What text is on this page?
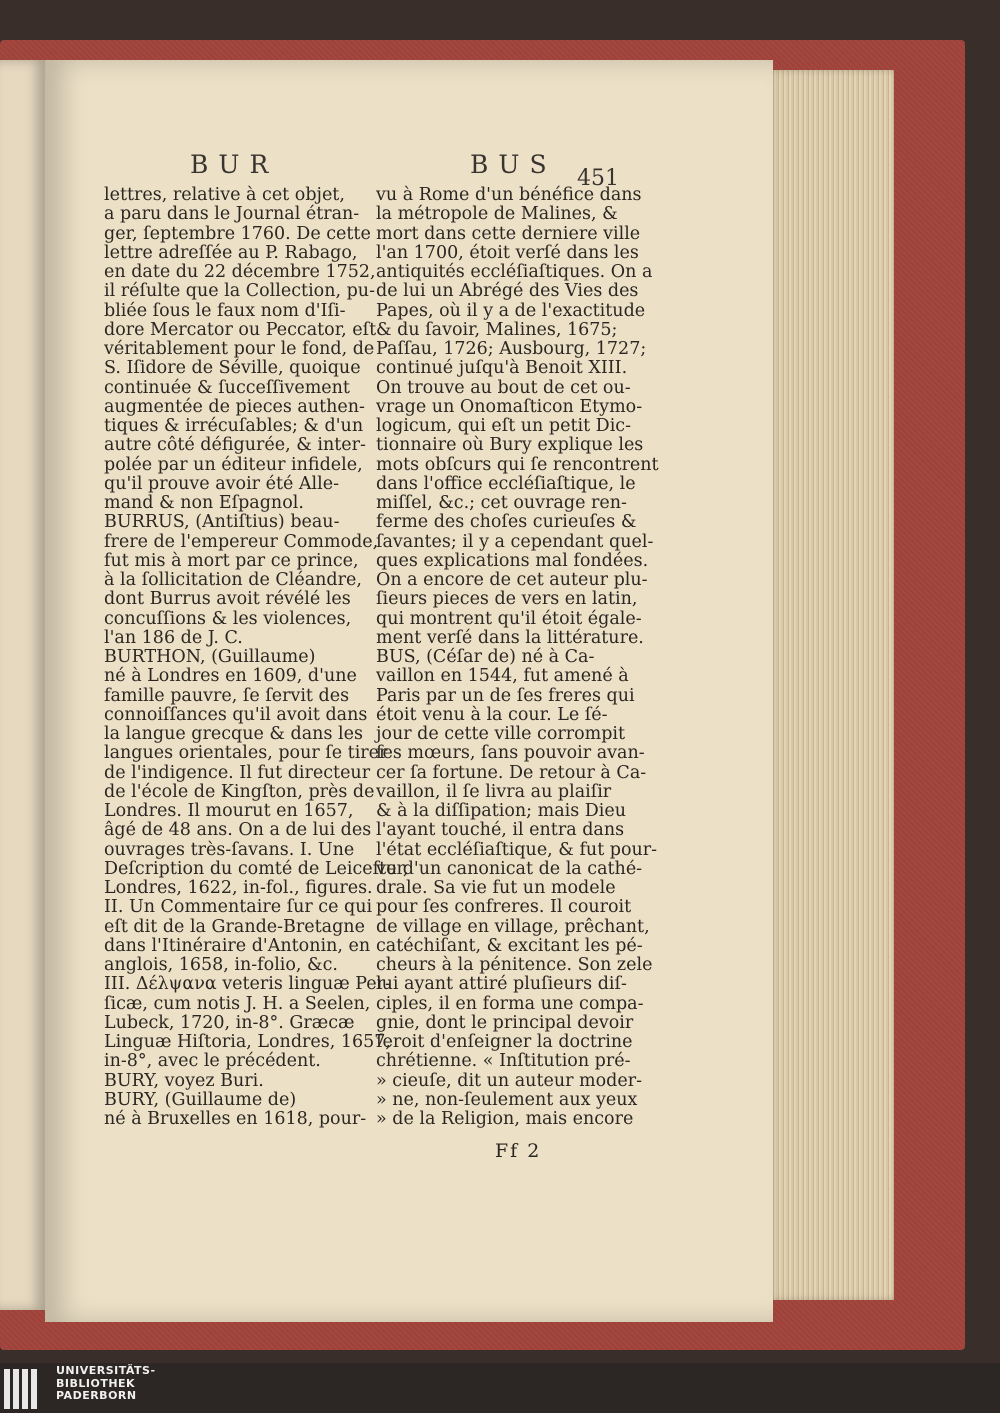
BUR	BUS 451
lettres, relative à cet objet,
a paru dans le Journal étran-
ger, ſeptembre 1760. De cette
lettre adreſſée au P. Rabago,
en date du 22 décembre 1752,
il réſulte que la Collection, pu-
bliée ſous le faux nom d'Iſi-
dore Mercator ou Peccator, eſt
véritablement pour le fond, de
S. Iſidore de Séville, quoique
continuée & ſucceſſivement
augmentée de pieces authen-
tiques & irrécuſables; & d'un
autre côté défigurée, & inter-
polée par un éditeur infidele,
qu'il prouve avoir été Alle-
mand & non Eſpagnol.
BURRUS, (Antiſtius) beau-
frere de l'empereur Commode,
fut mis à mort par ce prince,
à la ſollicitation de Cléandre,
dont Burrus avoit révélé les
concuſſions & les violences,
l'an 186 de J. C.
BURTHON, (Guillaume)
né à Londres en 1609, d'une
famille pauvre, ſe ſervit des
connoiſſances qu'il avoit dans
la langue grecque & dans les
langues orientales, pour ſe tirer
de l'indigence. Il fut directeur
de l'école de Kingſton, près de
Londres. Il mourut en 1657,
âgé de 48 ans. On a de lui des
ouvrages très-ſavans. I. Une
Deſcription du comté de Leiceſter,
Londres, 1622, in-fol., figures.
II. Un Commentaire ſur ce qui
eſt dit de la Grande-Bretagne
dans l'Itinéraire d'Antonin, en
anglois, 1658, in-folio, &c.
III. Δέλψανα veteris linguæ Per-
ſicæ, cum notis J. H. a Seelen,
Lubeck, 1720, in-8°. Græcæ
Linguæ Hiſtoria, Londres, 1657,
in-8°, avec le précédent.
BURY, voyez Buri.
BURY, (Guillaume de)
né à Bruxelles en 1618, pour-
vu à Rome d'un bénéfice dans
la métropole de Malines, &
mort dans cette derniere ville
l'an 1700, étoit verſé dans les
antiquités eccléſiaſtiques. On a
de lui un Abrégé des Vies des
Papes, où il y a de l'exactitude
& du ſavoir, Malines, 1675;
Paſſau, 1726; Ausbourg, 1727;
continué juſqu'à Benoit XIII.
On trouve au bout de cet ou-
vrage un Onomaſticon Etymo-
logicum, qui eſt un petit Dic-
tionnaire où Bury explique les
mots obſcurs qui ſe rencontrent
dans l'office eccléſiaſtique, le
miſſel, &c.; cet ouvrage ren-
ferme des choſes curieuſes &
ſavantes; il y a cependant quel-
ques explications mal fondées.
On a encore de cet auteur plu-
ſieurs pieces de vers en latin,
qui montrent qu'il étoit égale-
ment verſé dans la littérature.
BUS, (Céſar de) né à Ca-
vaillon en 1544, fut amené à
Paris par un de ſes freres qui
étoit venu à la cour. Le ſé-
jour de cette ville corrompit
ſes mœurs, ſans pouvoir avan-
cer ſa fortune. De retour à Ca-
vaillon, il ſe livra au plaiſir
& à la diſſipation; mais Dieu
l'ayant touché, il entra dans
l'état eccléſiaſtique, & fut pour-
vu d'un canonicat de la cathé-
drale. Sa vie fut un modele
pour ſes confreres. Il couroit
de village en village, prêchant,
catéchiſant, & excitant les pé-
cheurs à la pénitence. Son zele
lui ayant attiré pluſieurs diſ-
ciples, il en forma une compa-
gnie, dont le principal devoir
ſeroit d'enſeigner la doctrine
chrétienne. « Inſtitution pré-
» cieuſe, dit un auteur moder-
» ne, non-ſeulement aux yeux
» de la Religion, mais encore
Ff 2
UNIVERSITÄTS-
BIBLIOTHEK
PADERBORN
